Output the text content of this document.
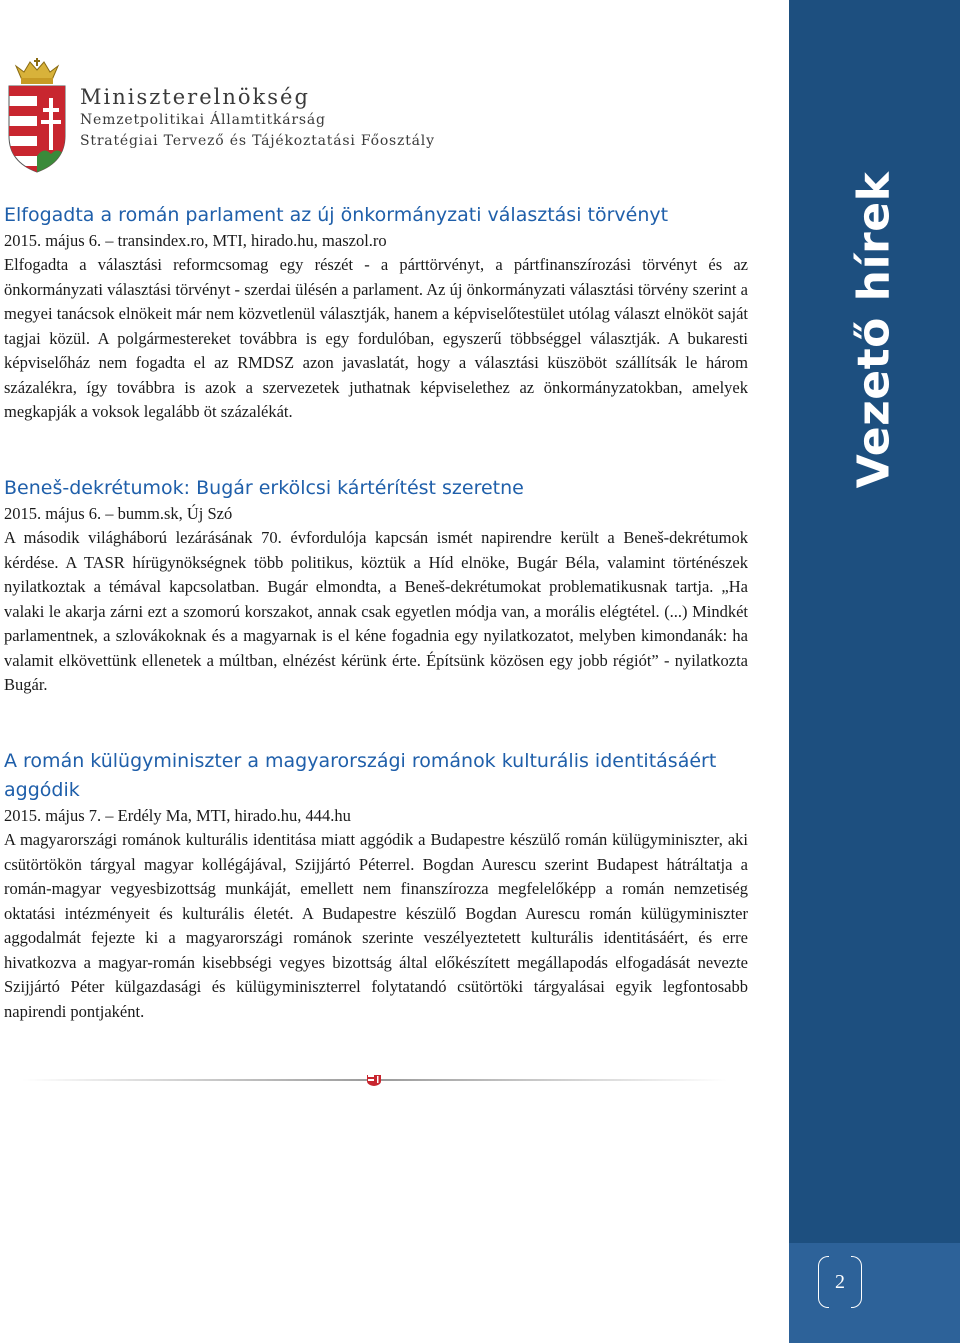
Miniszterelnökség
Nemzetpolitikai Államtitkárság
Stratégiai Tervező és Tájékoztatási Főosztály
Vezető hírek
2
Elfogadta a román parlament az új önkormányzati választási törvényt
2015. május 6. – transindex.ro, MTI, hirado.hu, maszol.ro
Elfogadta a választási reformcsomag egy részét - a párttörvényt, a pártfinanszírozási törvényt és az önkormányzati választási törvényt - szerdai ülésén a parlament. Az új önkormányzati választási törvény szerint a megyei tanácsok elnökeit már nem közvetlenül választják, hanem a képviselőtestület utólag választ elnököt saját tagjai közül. A polgármestereket továbbra is egy fordulóban, egyszerű többséggel választják. A bukaresti képviselőház nem fogadta el az RMDSZ azon javaslatát, hogy a választási küszöböt szállítsák le három százalékra, így továbbra is azok a szervezetek juthatnak képviselethez az önkormányzatokban, amelyek megkapják a voksok legalább öt százalékát.
Beneš-dekrétumok: Bugár erkölcsi kártérítést szeretne
2015. május 6. – bumm.sk, Új Szó
A második világháború lezárásának 70. évfordulója kapcsán ismét napirendre került a Beneš-dekrétumok kérdése. A TASR hírügynökségnek több politikus, köztük a Híd elnöke, Bugár Béla, valamint történészek nyilatkoztak a témával kapcsolatban. Bugár elmondta, a Beneš-dekrétumokat problematikusnak tartja. „Ha valaki le akarja zárni ezt a szomorú korszakot, annak csak egyetlen módja van, a morális elégtétel. (...) Mindkét parlamentnek, a szlovákoknak és a magyarnak is el kéne fogadnia egy nyilatkozatot, melyben kimondanák: ha valamit elkövettünk ellenetek a múltban, elnézést kérünk érte. Építsünk közösen egy jobb régiót” - nyilatkozta Bugár.
A román külügyminiszter a magyarországi románok kulturális identitásáért aggódik
2015. május 7. – Erdély Ma, MTI, hirado.hu, 444.hu
A magyarországi románok kulturális identitása miatt aggódik a Budapestre készülő román külügyminiszter, aki csütörtökön tárgyal magyar kollégájával, Szijjártó Péterrel. Bogdan Aurescu szerint Budapest hátráltatja a román-magyar vegyesbizottság munkáját, emellett nem finanszírozza megfelelőképp a román nemzetiség oktatási intézményeit és kulturális életét. A Budapestre készülő Bogdan Aurescu román külügyminiszter aggodalmát fejezte ki a magyarországi románok szerinte veszélyeztetett kulturális identitásáért, és erre hivatkozva a magyar-román kisebbségi vegyes bizottság által előkészített megállapodás elfogadását nevezte Szijjártó Péter külgazdasági és külügyminiszterrel folytatandó csütörtöki tárgyalásai egyik legfontosabb napirendi pontjaként.
